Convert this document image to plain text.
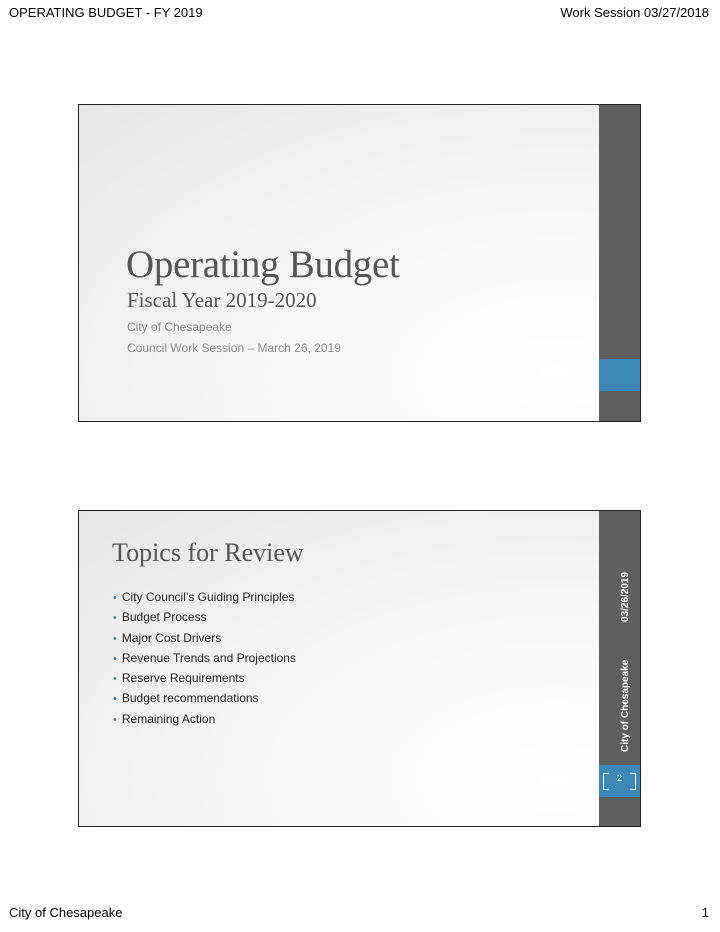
OPERATING BUDGET - FY 2019	Work Session 03/27/2018
Operating Budget
Fiscal Year 2019-2020
City of Chesapeake
Council Work Session – March 26, 2019
Topics for Review
• City Council’s Guiding Principles
• Budget Process
• Major Cost Drivers
• Revenue Trends and Projections
• Reserve Requirements
• Budget recommendations
• Remaining Action
03/26/2019
City of Chesapeake
2
City of Chesapeake	1
